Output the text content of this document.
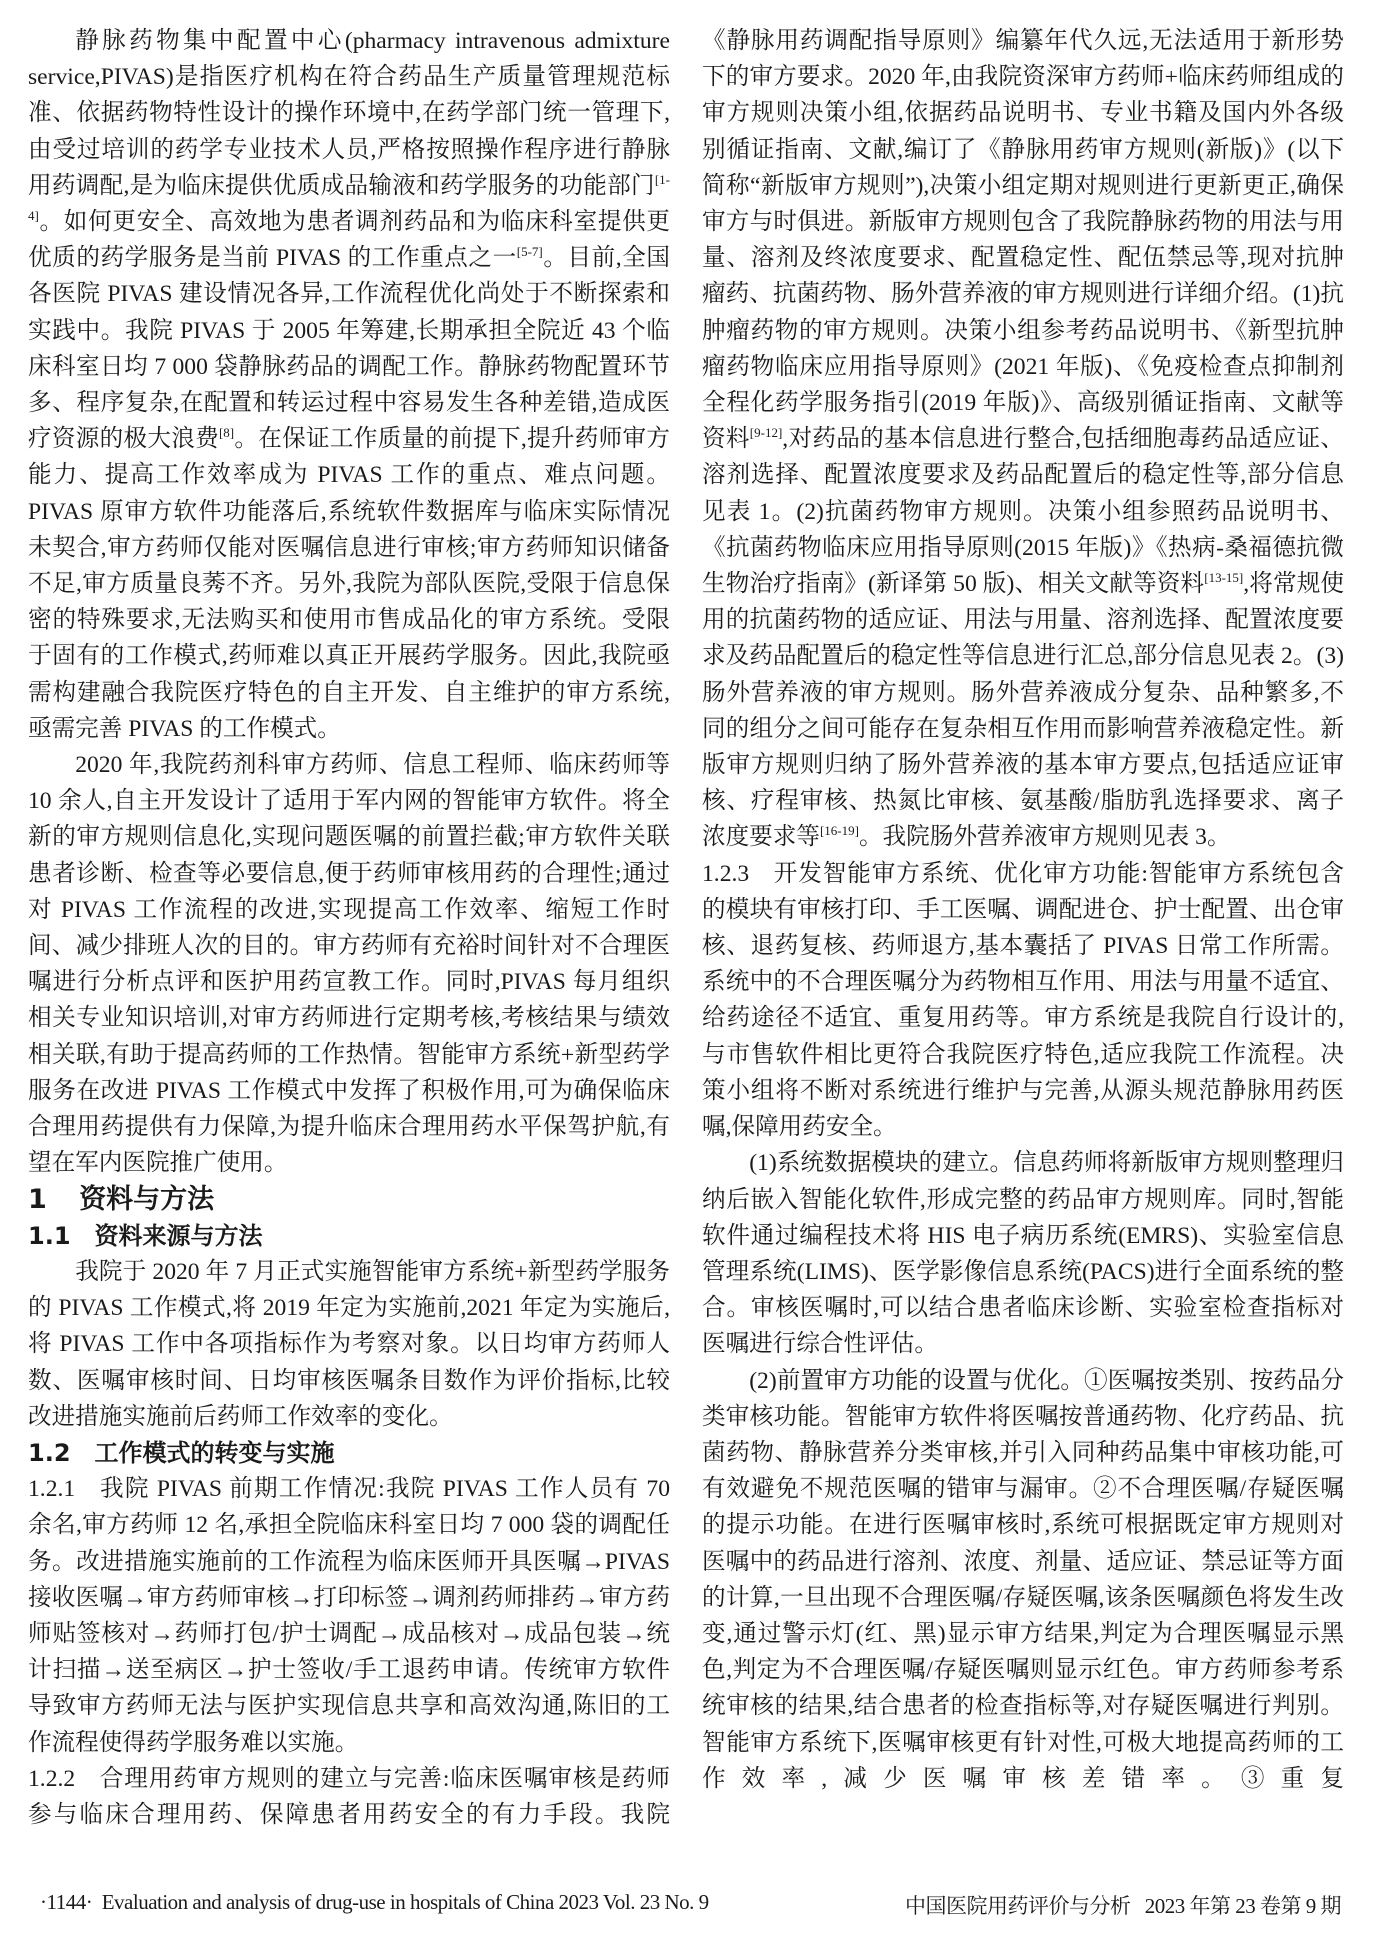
静脉药物集中配置中心(pharmacy intravenous admixture service,PIVAS)是指医疗机构在符合药品生产质量管理规范标准、依据药物特性设计的操作环境中,在药学部门统一管理下,由受过培训的药学专业技术人员,严格按照操作程序进行静脉用药调配,是为临床提供优质成品输液和药学服务的功能部门[1-4]。如何更安全、高效地为患者调剂药品和为临床科室提供更优质的药学服务是当前 PIVAS 的工作重点之一[5-7]。目前,全国各医院 PIVAS 建设情况各异,工作流程优化尚处于不断探索和实践中。我院 PIVAS 于 2005 年筹建,长期承担全院近 43 个临床科室日均 7 000 袋静脉药品的调配工作。静脉药物配置环节多、程序复杂,在配置和转运过程中容易发生各种差错,造成医疗资源的极大浪费[8]。在保证工作质量的前提下,提升药师审方能力、提高工作效率成为 PIVAS 工作的重点、难点问题。PIVAS 原审方软件功能落后,系统软件数据库与临床实际情况未契合,审方药师仅能对医嘱信息进行审核;审方药师知识储备不足,审方质量良莠不齐。另外,我院为部队医院,受限于信息保密的特殊要求,无法购买和使用市售成品化的审方系统。受限于固有的工作模式,药师难以真正开展药学服务。因此,我院亟需构建融合我院医疗特色的自主开发、自主维护的审方系统,亟需完善 PIVAS 的工作模式。

2020 年,我院药剂科审方药师、信息工程师、临床药师等 10 余人,自主开发设计了适用于军内网的智能审方软件。将全新的审方规则信息化,实现问题医嘱的前置拦截;审方软件关联患者诊断、检查等必要信息,便于药师审核用药的合理性;通过对 PIVAS 工作流程的改进,实现提高工作效率、缩短工作时间、减少排班人次的目的。审方药师有充裕时间针对不合理医嘱进行分析点评和医护用药宣教工作。同时,PIVAS 每月组织相关专业知识培训,对审方药师进行定期考核,考核结果与绩效相关联,有助于提高药师的工作热情。智能审方系统+新型药学服务在改进 PIVAS 工作模式中发挥了积极作用,可为确保临床合理用药提供有力保障,为提升临床合理用药水平保驾护航,有望在军内医院推广使用。

1 资料与方法
1.1 资料来源与方法

我院于 2020 年 7 月正式实施智能审方系统+新型药学服务的 PIVAS 工作模式,将 2019 年定为实施前,2021 年定为实施后,将 PIVAS 工作中各项指标作为考察对象。以日均审方药师人数、医嘱审核时间、日均审核医嘱条目数作为评价指标,比较改进措施实施前后药师工作效率的变化。

1.2 工作模式的转变与实施

1.2.1 我院 PIVAS 前期工作情况:我院 PIVAS 工作人员有 70 余名,审方药师 12 名,承担全院临床科室日均 7 000 袋的调配任务。改进措施实施前的工作流程为临床医师开具医嘱→PIVAS 接收医嘱→审方药师审核→打印标签→调剂药师排药→审方药师贴签核对→药师打包/护士调配→成品核对→成品包装→统计扫描→送至病区→护士签收/手工退药申请。传统审方软件导致审方药师无法与医护实现信息共享和高效沟通,陈旧的工作流程使得药学服务难以实施。

1.2.2 合理用药审方规则的建立与完善:临床医嘱审核是药师参与临床合理用药、保障患者用药安全的有力手段。我院

《静脉用药调配指导原则》编纂年代久远,无法适用于新形势下的审方要求。2020 年,由我院资深审方药师+临床药师组成的审方规则决策小组,依据药品说明书、专业书籍及国内外各级别循证指南、文献,编订了《静脉用药审方规则(新版)》(以下简称“新版审方规则”),决策小组定期对规则进行更新更正,确保审方与时俱进。新版审方规则包含了我院静脉药物的用法与用量、溶剂及终浓度要求、配置稳定性、配伍禁忌等,现对抗肿瘤药、抗菌药物、肠外营养液的审方规则进行详细介绍。(1)抗肿瘤药物的审方规则。决策小组参考药品说明书、《新型抗肿瘤药物临床应用指导原则》(2021 年版)、《免疫检查点抑制剂全程化药学服务指引(2019 年版)》、高级别循证指南、文献等资料[9-12],对药品的基本信息进行整合,包括细胞毒药品适应证、溶剂选择、配置浓度要求及药品配置后的稳定性等,部分信息见表 1。(2)抗菌药物审方规则。决策小组参照药品说明书、《抗菌药物临床应用指导原则(2015 年版)》《热病-桑福德抗微生物治疗指南》(新译第 50 版)、相关文献等资料[13-15],将常规使用的抗菌药物的适应证、用法与用量、溶剂选择、配置浓度要求及药品配置后的稳定性等信息进行汇总,部分信息见表 2。(3)肠外营养液的审方规则。肠外营养液成分复杂、品种繁多,不同的组分之间可能存在复杂相互作用而影响营养液稳定性。新版审方规则归纳了肠外营养液的基本审方要点,包括适应证审核、疗程审核、热氮比审核、氨基酸/脂肪乳选择要求、离子浓度要求等[16-19]。我院肠外营养液审方规则见表 3。

1.2.3 开发智能审方系统、优化审方功能:智能审方系统包含的模块有审核打印、手工医嘱、调配进仓、护士配置、出仓审核、退药复核、药师退方,基本囊括了 PIVAS 日常工作所需。系统中的不合理医嘱分为药物相互作用、用法与用量不适宜、给药途径不适宜、重复用药等。审方系统是我院自行设计的,与市售软件相比更符合我院医疗特色,适应我院工作流程。决策小组将不断对系统进行维护与完善,从源头规范静脉用药医嘱,保障用药安全。

(1)系统数据模块的建立。信息药师将新版审方规则整理归纳后嵌入智能化软件,形成完整的药品审方规则库。同时,智能软件通过编程技术将 HIS 电子病历系统(EMRS)、实验室信息管理系统(LIMS)、医学影像信息系统(PACS)进行全面系统的整合。审核医嘱时,可以结合患者临床诊断、实验室检查指标对医嘱进行综合性评估。

(2)前置审方功能的设置与优化。①医嘱按类别、按药品分类审核功能。智能审方软件将医嘱按普通药物、化疗药品、抗菌药物、静脉营养分类审核,并引入同种药品集中审核功能,可有效避免不规范医嘱的错审与漏审。②不合理医嘱/存疑医嘱的提示功能。在进行医嘱审核时,系统可根据既定审方规则对医嘱中的药品进行溶剂、浓度、剂量、适应证、禁忌证等方面的计算,一旦出现不合理医嘱/存疑医嘱,该条医嘱颜色将发生改变,通过警示灯(红、黑)显示审方结果,判定为合理医嘱显示黑色,判定为不合理医嘱/存疑医嘱则显示红色。审方药师参考系统审核的结果,结合患者的检查指标等,对存疑医嘱进行判别。智能审方系统下,医嘱审核更有针对性,可极大地提高药师的工作效率,减少医嘱审核差错率。③重复

·1144·  Evaluation and analysis of drug-use in hospitals of China 2023 Vol. 23 No. 9	中国医院用药评价与分析   2023 年第 23 卷第 9 期
